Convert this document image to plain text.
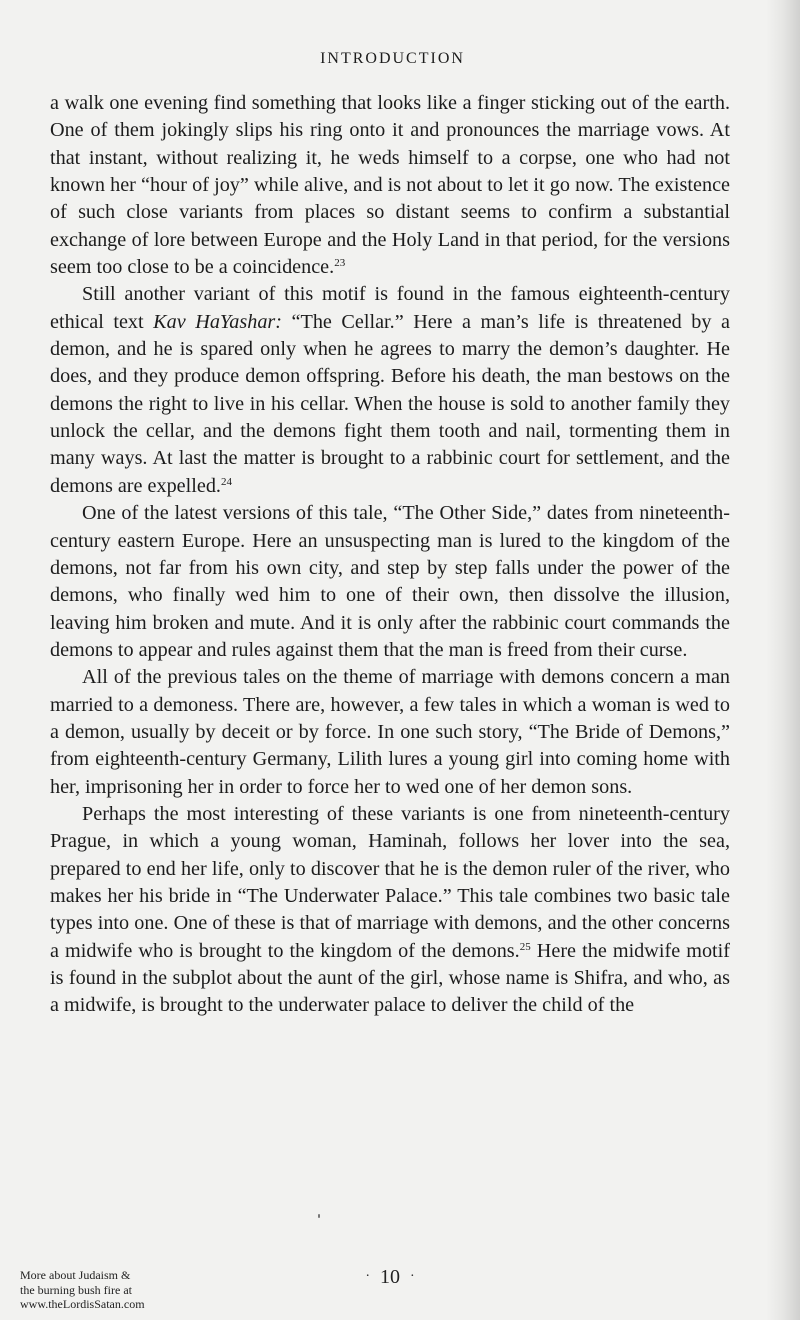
INTRODUCTION

a walk one evening find something that looks like a finger sticking out of the earth. One of them jokingly slips his ring onto it and pronounces the marriage vows. At that instant, without realizing it, he weds himself to a corpse, one who had not known her “hour of joy” while alive, and is not about to let it go now. The existence of such close variants from places so distant seems to confirm a substantial exchange of lore between Europe and the Holy Land in that period, for the versions seem too close to be a coincidence.$^{23}$

Still another variant of this motif is found in the famous eighteenth-century ethical text Kav HaYashar: “The Cellar.” Here a man’s life is threatened by a demon, and he is spared only when he agrees to marry the demon’s daughter. He does, and they produce demon offspring. Before his death, the man bestows on the demons the right to live in his cellar. When the house is sold to another family they unlock the cellar, and the demons fight them tooth and nail, tormenting them in many ways. At last the matter is brought to a rabbinic court for settlement, and the demons are expelled.$^{24}$

One of the latest versions of this tale, “The Other Side,” dates from nineteenth-century eastern Europe. Here an unsuspecting man is lured to the kingdom of the demons, not far from his own city, and step by step falls under the power of the demons, who finally wed him to one of their own, then dissolve the illusion, leaving him broken and mute. And it is only after the rabbinic court commands the demons to appear and rules against them that the man is freed from their curse.

All of the previous tales on the theme of marriage with demons concern a man married to a demoness. There are, however, a few tales in which a woman is wed to a demon, usually by deceit or by force. In one such story, “The Bride of Demons,” from eighteenth-century Germany, Lilith lures a young girl into coming home with her, imprisoning her in order to force her to wed one of her demon sons.

Perhaps the most interesting of these variants is one from nineteenth-century Prague, in which a young woman, Haminah, follows her lover into the sea, prepared to end her life, only to discover that he is the demon ruler of the river, who makes her his bride in “The Underwater Palace.” This tale combines two basic tale types into one. One of these is that of marriage with demons, and the other concerns a midwife who is brought to the kingdom of the demons.$^{25}$ Here the midwife motif is found in the subplot about the aunt of the girl, whose name is Shifra, and who, as a midwife, is brought to the underwater palace to deliver the child of the

· 10 ·
More about Judaism &
the burning bush fire at
www.theLordisSatan.com
